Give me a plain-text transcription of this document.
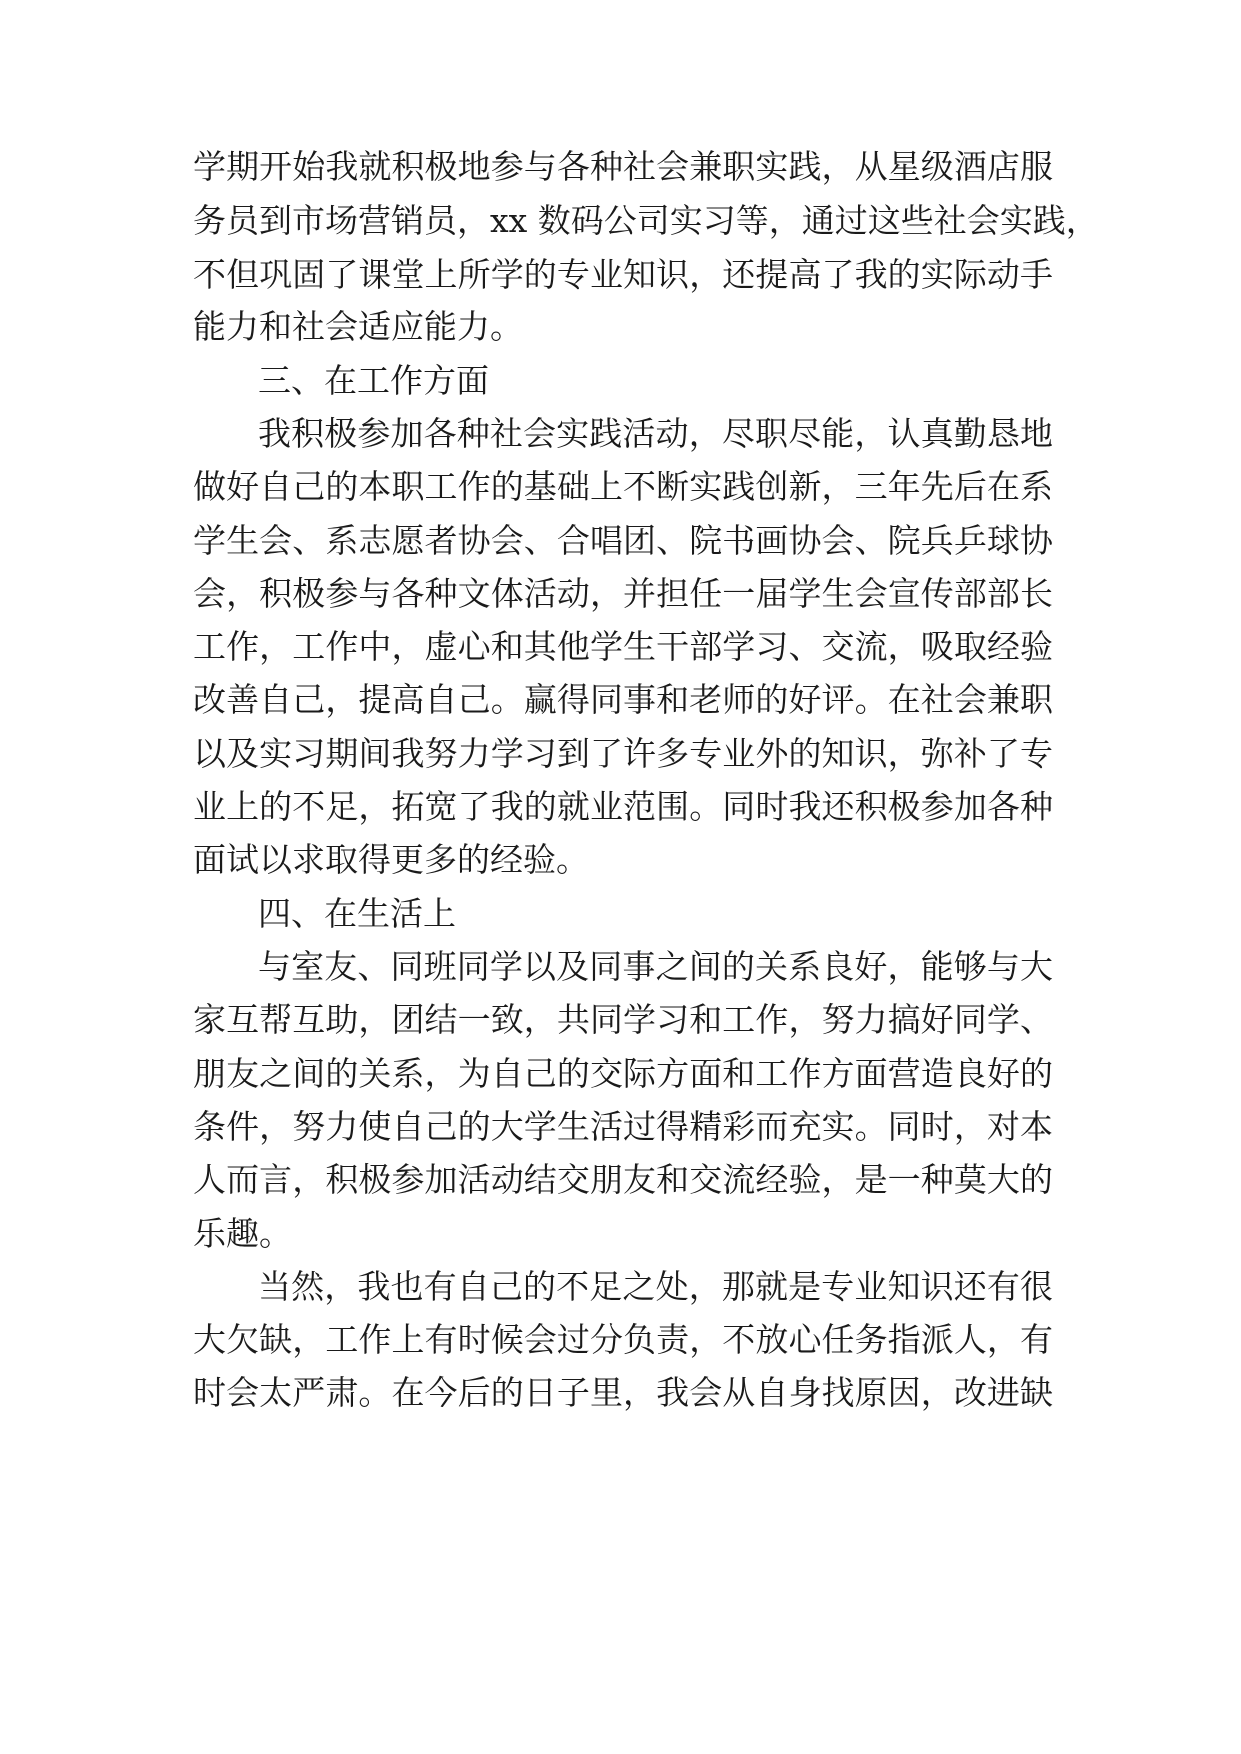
学期开始我就积极地参与各种社会兼职实践，从星级酒店服
务员到市场营销员，xx 数码公司实习等，通过这些社会实践，
不但巩固了课堂上所学的专业知识，还提高了我的实际动手
能力和社会适应能力。
三、在工作方面
我积极参加各种社会实践活动，尽职尽能，认真勤恳地
做好自己的本职工作的基础上不断实践创新，三年先后在系
学生会、系志愿者协会、合唱团、院书画协会、院兵乒球协
会，积极参与各种文体活动，并担任一届学生会宣传部部长
工作，工作中，虚心和其他学生干部学习、交流，吸取经验
改善自己，提高自己。赢得同事和老师的好评。在社会兼职
以及实习期间我努力学习到了许多专业外的知识，弥补了专
业上的不足，拓宽了我的就业范围。同时我还积极参加各种
面试以求取得更多的经验。
四、在生活上
与室友、同班同学以及同事之间的关系良好，能够与大
家互帮互助，团结一致，共同学习和工作，努力搞好同学、
朋友之间的关系，为自己的交际方面和工作方面营造良好的
条件，努力使自己的大学生活过得精彩而充实。同时，对本
人而言，积极参加活动结交朋友和交流经验，是一种莫大的
乐趣。
当然，我也有自己的不足之处，那就是专业知识还有很
大欠缺，工作上有时候会过分负责，不放心任务指派人，有
时会太严肃。在今后的日子里，我会从自身找原因，改进缺
